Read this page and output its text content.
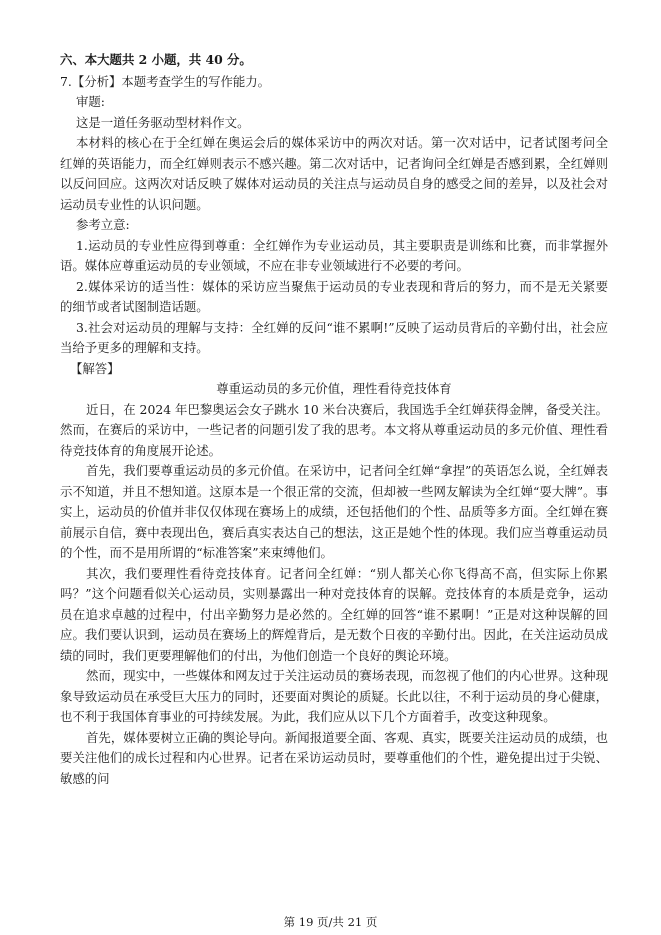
六、本大题共 2 小题，共 40 分。

7.【分析】本题考查学生的写作能力。

审题:

这是一道任务驱动型材料作文。

本材料的核心在于全红婵在奥运会后的媒体采访中的两次对话。第一次对话中，记者试图考问全红婵的英语能力，而全红婵则表示不感兴趣。第二次对话中，记者询问全红婵是否感到累，全红婵则以反问回应。这两次对话反映了媒体对运动员的关注点与运动员自身的感受之间的差异，以及社会对运动员专业性的认识问题。

参考立意:

1.运动员的专业性应得到尊重：全红婵作为专业运动员，其主要职责是训练和比赛，而非掌握外语。媒体应尊重运动员的专业领域，不应在非专业领域进行不必要的考问。

2.媒体采访的适当性：媒体的采访应当聚焦于运动员的专业表现和背后的努力，而不是无关紧要的细节或者试图制造话题。

3.社会对运动员的理解与支持：全红婵的反问“谁不累啊!”反映了运动员背后的辛勤付出，社会应当给予更多的理解和支持。

【解答】

尊重运动员的多元价值，理性看待竞技体育

近日，在 2024 年巴黎奥运会女子跳水 10 米台决赛后，我国选手全红婵获得金牌，备受关注。然而，在赛后的采访中，一些记者的问题引发了我的思考。本文将从尊重运动员的多元价值、理性看待竞技体育的角度展开论述。

首先，我们要尊重运动员的多元价值。在采访中，记者问全红婵“拿捏”的英语怎么说，全红婵表示不知道，并且不想知道。这原本是一个很正常的交流，但却被一些网友解读为全红婵“耍大牌”。事实上，运动员的价值并非仅仅体现在赛场上的成绩，还包括他们的个性、品质等多方面。全红婵在赛前展示自信，赛中表现出色，赛后真实表达自己的想法，这正是她个性的体现。我们应当尊重运动员的个性，而不是用所谓的“标准答案”来束缚他们。

其次，我们要理性看待竞技体育。记者问全红婵：“别人都关心你飞得高不高，但实际上你累吗？”这个问题看似关心运动员，实则暴露出一种对竞技体育的误解。竞技体育的本质是竞争，运动员在追求卓越的过程中，付出辛勤努力是必然的。全红婵的回答“谁不累啊！”正是对这种误解的回应。我们要认识到，运动员在赛场上的辉煌背后，是无数个日夜的辛勤付出。因此，在关注运动员成绩的同时，我们更要理解他们的付出，为他们创造一个良好的舆论环境。

然而，现实中，一些媒体和网友过于关注运动员的赛场表现，而忽视了他们的内心世界。这种现象导致运动员在承受巨大压力的同时，还要面对舆论的质疑。长此以往，不利于运动员的身心健康，也不利于我国体育事业的可持续发展。为此，我们应从以下几个方面着手，改变这种现象。

首先，媒体要树立正确的舆论导向。新闻报道要全面、客观、真实，既要关注运动员的成绩，也要关注他们的成长过程和内心世界。记者在采访运动员时，要尊重他们的个性，避免提出过于尖锐、敏感的问

第 19 页/共 21 页
